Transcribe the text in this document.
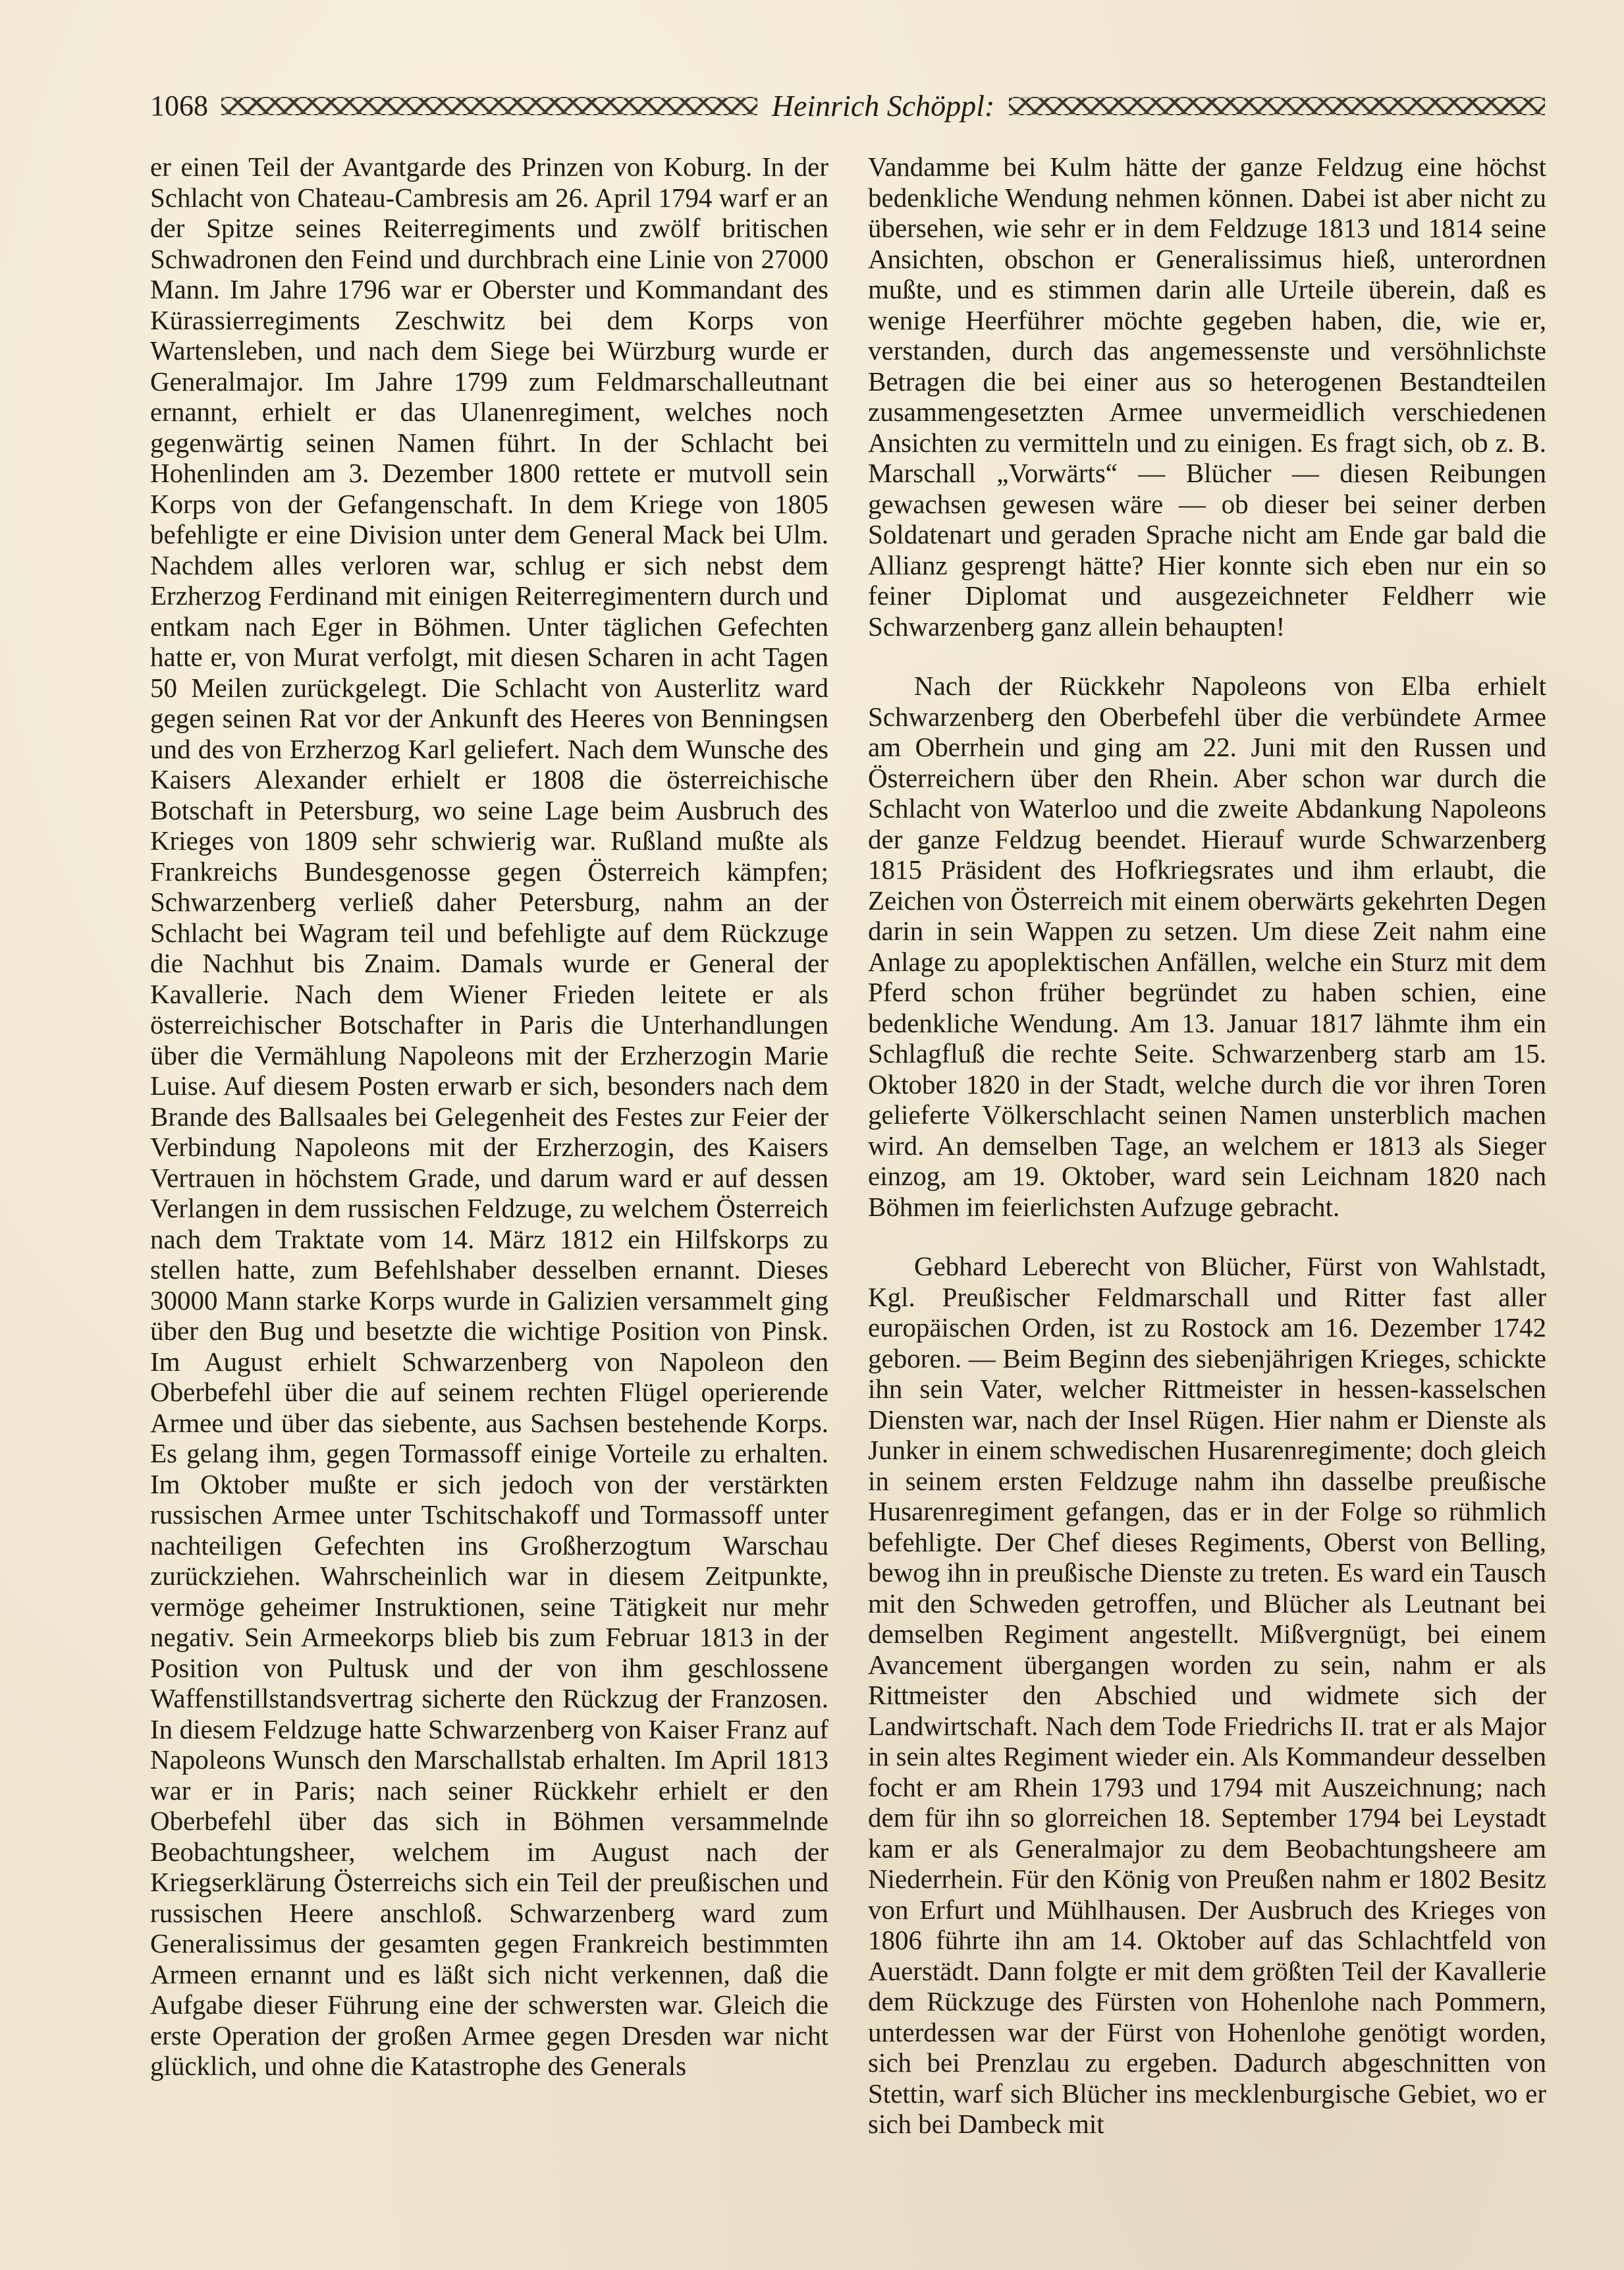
1068	Heinrich Schöppl:

er einen Teil der Avantgarde des Prinzen von Koburg. In der Schlacht von Chateau-Cambresis am 26. April 1794 warf er an der Spitze seines Reiterregiments und zwölf britischen Schwadronen den Feind und durchbrach eine Linie von 27000 Mann. Im Jahre 1796 war er Oberster und Kommandant des Kürassierregiments Zeschwitz bei dem Korps von Wartensleben, und nach dem Siege bei Würzburg wurde er Generalmajor. Im Jahre 1799 zum Feldmarschalleutnant ernannt, erhielt er das Ulanenregiment, welches noch gegenwärtig seinen Namen führt. In der Schlacht bei Hohenlinden am 3. Dezember 1800 rettete er mutvoll sein Korps von der Gefangenschaft. In dem Kriege von 1805 befehligte er eine Division unter dem General Mack bei Ulm. Nachdem alles verloren war, schlug er sich nebst dem Erzherzog Ferdinand mit einigen Reiterregimentern durch und entkam nach Eger in Böhmen. Unter täglichen Gefechten hatte er, von Murat verfolgt, mit diesen Scharen in acht Tagen 50 Meilen zurückgelegt. Die Schlacht von Austerlitz ward gegen seinen Rat vor der Ankunft des Heeres von Benningsen und des von Erzherzog Karl geliefert. Nach dem Wunsche des Kaisers Alexander erhielt er 1808 die österreichische Botschaft in Petersburg, wo seine Lage beim Ausbruch des Krieges von 1809 sehr schwierig war. Rußland mußte als Frankreichs Bundesgenosse gegen Österreich kämpfen; Schwarzenberg verließ daher Petersburg, nahm an der Schlacht bei Wagram teil und befehligte auf dem Rückzuge die Nachhut bis Znaim. Damals wurde er General der Kavallerie. Nach dem Wiener Frieden leitete er als österreichischer Botschafter in Paris die Unterhandlungen über die Vermählung Napoleons mit der Erzherzogin Marie Luise. Auf diesem Posten erwarb er sich, besonders nach dem Brande des Ballsaales bei Gelegenheit des Festes zur Feier der Verbindung Napoleons mit der Erzherzogin, des Kaisers Vertrauen in höchstem Grade, und darum ward er auf dessen Verlangen in dem russischen Feldzuge, zu welchem Österreich nach dem Traktate vom 14. März 1812 ein Hilfskorps zu stellen hatte, zum Befehlshaber desselben ernannt. Dieses 30000 Mann starke Korps wurde in Galizien versammelt ging über den Bug und besetzte die wichtige Position von Pinsk. Im August erhielt Schwarzenberg von Napoleon den Oberbefehl über die auf seinem rechten Flügel operierende Armee und über das siebente, aus Sachsen bestehende Korps. Es gelang ihm, gegen Tormassoff einige Vorteile zu erhalten. Im Oktober mußte er sich jedoch von der verstärkten russischen Armee unter Tschitschakoff und Tormassoff unter nachteiligen Gefechten ins Großherzogtum Warschau zurückziehen. Wahrscheinlich war in diesem Zeitpunkte, vermöge geheimer Instruktionen, seine Tätigkeit nur mehr negativ. Sein Armeekorps blieb bis zum Februar 1813 in der Position von Pultusk und der von ihm geschlossene Waffenstillstandsvertrag sicherte den Rückzug der Franzosen. In diesem Feldzuge hatte Schwarzenberg von Kaiser Franz auf Napoleons Wunsch den Marschallstab erhalten. Im April 1813 war er in Paris; nach seiner Rückkehr erhielt er den Oberbefehl über das sich in Böhmen versammelnde Beobachtungsheer, welchem im August nach der Kriegserklärung Österreichs sich ein Teil der preußischen und russischen Heere anschloß. Schwarzenberg ward zum Generalissimus der gesamten gegen Frankreich bestimmten Armeen ernannt und es läßt sich nicht verkennen, daß die Aufgabe dieser Führung eine der schwersten war. Gleich die erste Operation der großen Armee gegen Dresden war nicht glücklich, und ohne die Katastrophe des Generals

Vandamme bei Kulm hätte der ganze Feldzug eine höchst bedenkliche Wendung nehmen können. Dabei ist aber nicht zu übersehen, wie sehr er in dem Feldzuge 1813 und 1814 seine Ansichten, obschon er Generalissimus hieß, unterordnen mußte, und es stimmen darin alle Urteile überein, daß es wenige Heerführer möchte gegeben haben, die, wie er, verstanden, durch das angemessenste und versöhnlichste Betragen die bei einer aus so heterogenen Bestandteilen zusammengesetzten Armee unvermeidlich verschiedenen Ansichten zu vermitteln und zu einigen. Es fragt sich, ob z. B. Marschall „Vorwärts“ — Blücher — diesen Reibungen gewachsen gewesen wäre — ob dieser bei seiner derben Soldatenart und geraden Sprache nicht am Ende gar bald die Allianz gesprengt hätte? Hier konnte sich eben nur ein so feiner Diplomat und ausgezeichneter Feldherr wie Schwarzenberg ganz allein behaupten!

Nach der Rückkehr Napoleons von Elba erhielt Schwarzenberg den Oberbefehl über die verbündete Armee am Oberrhein und ging am 22. Juni mit den Russen und Österreichern über den Rhein. Aber schon war durch die Schlacht von Waterloo und die zweite Abdankung Napoleons der ganze Feldzug beendet. Hierauf wurde Schwarzenberg 1815 Präsident des Hofkriegsrates und ihm erlaubt, die Zeichen von Österreich mit einem oberwärts gekehrten Degen darin in sein Wappen zu setzen. Um diese Zeit nahm eine Anlage zu apoplektischen Anfällen, welche ein Sturz mit dem Pferd schon früher begründet zu haben schien, eine bedenkliche Wendung. Am 13. Januar 1817 lähmte ihm ein Schlagfluß die rechte Seite. Schwarzenberg starb am 15. Oktober 1820 in der Stadt, welche durch die vor ihren Toren gelieferte Völkerschlacht seinen Namen unsterblich machen wird. An demselben Tage, an welchem er 1813 als Sieger einzog, am 19. Oktober, ward sein Leichnam 1820 nach Böhmen im feierlichsten Aufzuge gebracht.

Gebhard Leberecht von Blücher, Fürst von Wahlstadt, Kgl. Preußischer Feldmarschall und Ritter fast aller europäischen Orden, ist zu Rostock am 16. Dezember 1742 geboren. — Beim Beginn des siebenjährigen Krieges, schickte ihn sein Vater, welcher Rittmeister in hessen-kasselschen Diensten war, nach der Insel Rügen. Hier nahm er Dienste als Junker in einem schwedischen Husarenregimente; doch gleich in seinem ersten Feldzuge nahm ihn dasselbe preußische Husarenregiment gefangen, das er in der Folge so rühmlich befehligte. Der Chef dieses Regiments, Oberst von Belling, bewog ihn in preußische Dienste zu treten. Es ward ein Tausch mit den Schweden getroffen, und Blücher als Leutnant bei demselben Regiment angestellt. Mißvergnügt, bei einem Avancement übergangen worden zu sein, nahm er als Rittmeister den Abschied und widmete sich der Landwirtschaft. Nach dem Tode Friedrichs II. trat er als Major in sein altes Regiment wieder ein. Als Kommandeur desselben focht er am Rhein 1793 und 1794 mit Auszeichnung; nach dem für ihn so glorreichen 18. September 1794 bei Leystadt kam er als Generalmajor zu dem Beobachtungsheere am Niederrhein. Für den König von Preußen nahm er 1802 Besitz von Erfurt und Mühlhausen. Der Ausbruch des Krieges von 1806 führte ihn am 14. Oktober auf das Schlachtfeld von Auerstädt. Dann folgte er mit dem größten Teil der Kavallerie dem Rückzuge des Fürsten von Hohenlohe nach Pommern, unterdessen war der Fürst von Hohenlohe genötigt worden, sich bei Prenzlau zu ergeben. Dadurch abgeschnitten von Stettin, warf sich Blücher ins mecklenburgische Gebiet, wo er sich bei Dambeck mit
